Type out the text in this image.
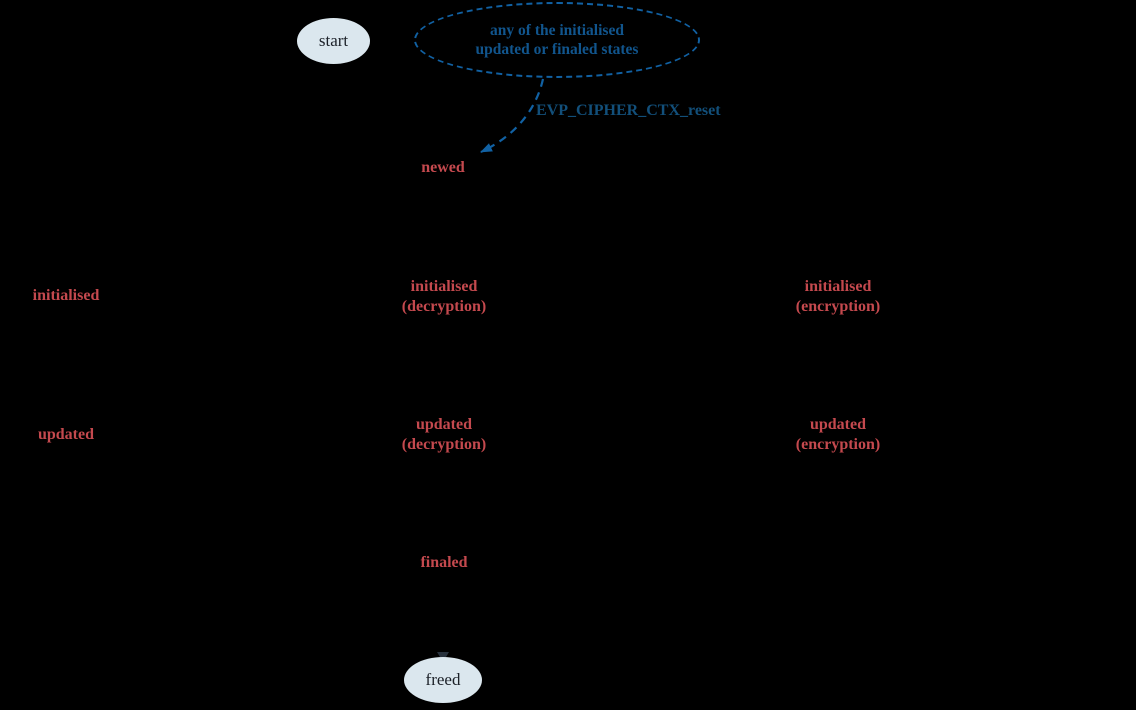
start
any of the initialised
updated or finaled states
EVP_CIPHER_CTX_reset
newed
initialised
initialised
(decryption)
initialised
(encryption)
updated
updated
(decryption)
updated
(encryption)
finaled
freed
